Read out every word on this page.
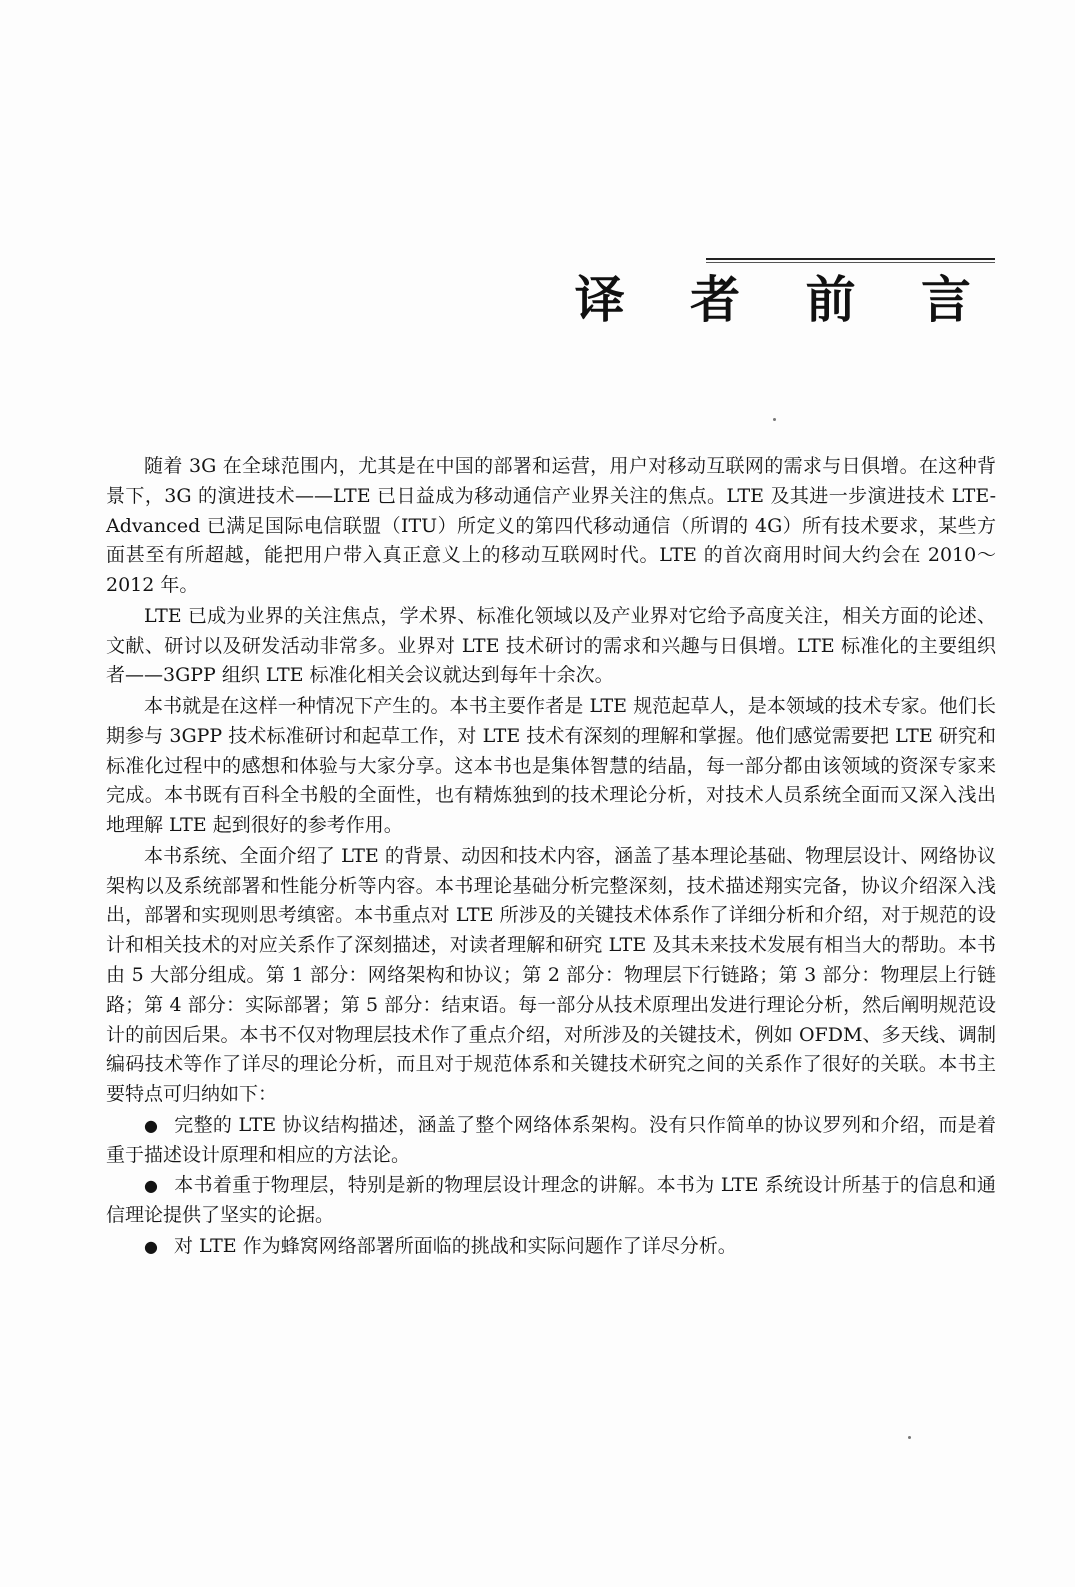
译 者 前 言

随着 3G 在全球范围内，尤其是在中国的部署和运营，用户对移动互联网的需求与日俱增。在这种背景下，3G 的演进技术——LTE 已日益成为移动通信产业界关注的焦点。LTE 及其进一步演进技术 LTE-Advanced 已满足国际电信联盟（ITU）所定义的第四代移动通信（所谓的 4G）所有技术要求，某些方面甚至有所超越，能把用户带入真正意义上的移动互联网时代。LTE 的首次商用时间大约会在 2010～2012 年。

LTE 已成为业界的关注焦点，学术界、标准化领域以及产业界对它给予高度关注，相关方面的论述、文献、研讨以及研发活动非常多。业界对 LTE 技术研讨的需求和兴趣与日俱增。LTE 标准化的主要组织者——3GPP 组织 LTE 标准化相关会议就达到每年十余次。

本书就是在这样一种情况下产生的。本书主要作者是 LTE 规范起草人，是本领域的技术专家。他们长期参与 3GPP 技术标准研讨和起草工作，对 LTE 技术有深刻的理解和掌握。他们感觉需要把 LTE 研究和标准化过程中的感想和体验与大家分享。这本书也是集体智慧的结晶，每一部分都由该领域的资深专家来完成。本书既有百科全书般的全面性，也有精炼独到的技术理论分析，对技术人员系统全面而又深入浅出地理解 LTE 起到很好的参考作用。

本书系统、全面介绍了 LTE 的背景、动因和技术内容，涵盖了基本理论基础、物理层设计、网络协议架构以及系统部署和性能分析等内容。本书理论基础分析完整深刻，技术描述翔实完备，协议介绍深入浅出，部署和实现则思考缜密。本书重点对 LTE 所涉及的关键技术体系作了详细分析和介绍，对于规范的设计和相关技术的对应关系作了深刻描述，对读者理解和研究 LTE 及其未来技术发展有相当大的帮助。本书由 5 大部分组成。第 1 部分：网络架构和协议；第 2 部分：物理层下行链路；第 3 部分：物理层上行链路；第 4 部分：实际部署；第 5 部分：结束语。每一部分从技术原理出发进行理论分析，然后阐明规范设计的前因后果。本书不仅对物理层技术作了重点介绍，对所涉及的关键技术，例如 OFDM、多天线、调制编码技术等作了详尽的理论分析，而且对于规范体系和关键技术研究之间的关系作了很好的关联。本书主要特点可归纳如下：

● 完整的 LTE 协议结构描述，涵盖了整个网络体系架构。没有只作简单的协议罗列和介绍，而是着重于描述设计原理和相应的方法论。
● 本书着重于物理层，特别是新的物理层设计理念的讲解。本书为 LTE 系统设计所基于的信息和通信理论提供了坚实的论据。
● 对 LTE 作为蜂窝网络部署所面临的挑战和实际问题作了详尽分析。
